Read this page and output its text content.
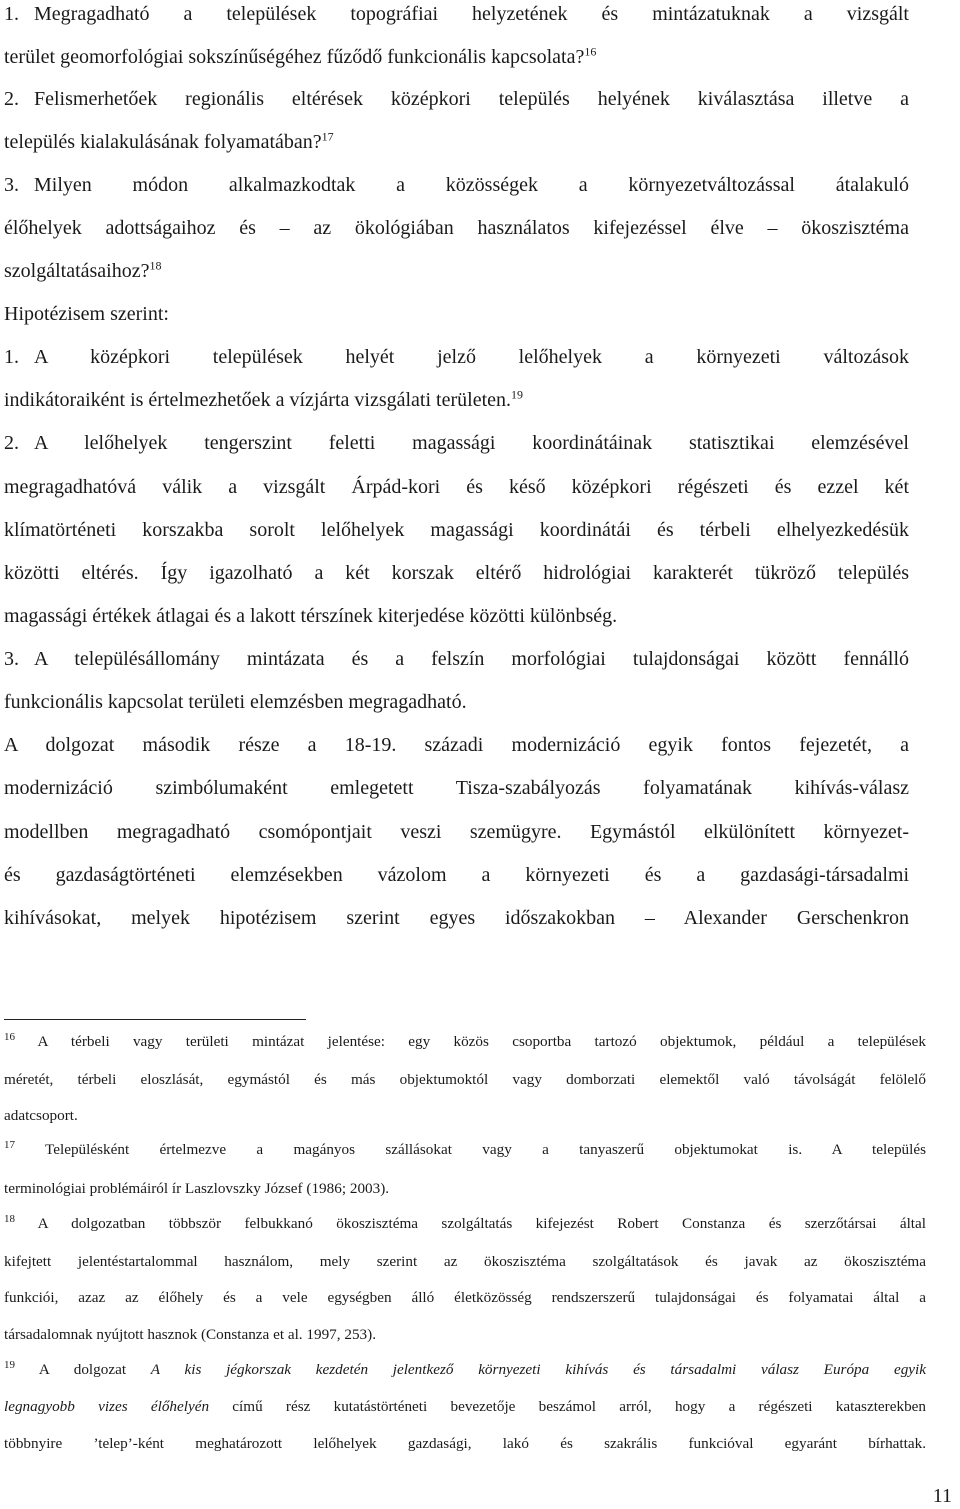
1. Megragadható a települések topográfiai helyzetének és mintázatuknak a vizsgált
terület geomorfológiai sokszínűségéhez fűződő funkcionális kapcsolata?$^{16}$
2. Felismerhetőek regionális eltérések középkori település helyének kiválasztása illetve a
település kialakulásának folyamatában?$^{17}$
3. Milyen módon alkalmazkodtak a közösségek a környezetváltozással átalakuló
élőhelyek adottságaihoz és – az ökológiában használatos kifejezéssel élve – ökoszisztéma
szolgáltatásaihoz?$^{18}$
Hipotézisem szerint:
1. A középkori települések helyét jelző lelőhelyek a környezeti változások
indikátoraiként is értelmezhetőek a vízjárta vizsgálati területen.$^{19}$
2. A lelőhelyek tengerszint feletti magassági koordinátáinak statisztikai elemzésével
megragadhatóvá válik a vizsgált Árpád-kori és késő középkori régészeti és ezzel két
klímatörténeti korszakba sorolt lelőhelyek magassági koordinátái és térbeli elhelyezkedésük
közötti eltérés. Így igazolható a két korszak eltérő hidrológiai karakterét tükröző település
magassági értékek átlagai és a lakott térszínek kiterjedése közötti különbség.
3. A településállomány mintázata és a felszín morfológiai tulajdonságai között fennálló
funkcionális kapcsolat területi elemzésben megragadható.
A dolgozat második része a 18-19. századi modernizáció egyik fontos fejezetét, a
modernizáció szimbólumaként emlegetett Tisza-szabályozás folyamatának kihívás-válasz
modellben megragadható csomópontjait veszi szemügyre. Egymástól elkülönített környezet-
és gazdaságtörténeti elemzésekben vázolom a környezeti és a gazdasági-társadalmi
kihívásokat, melyek hipotézisem szerint egyes időszakokban – Alexander Gerschenkron
$^{16}$ A térbeli vagy területi mintázat jelentése: egy közös csoportba tartozó objektumok, például a települések
méretét, térbeli eloszlását, egymástól és más objektumoktól vagy domborzati elemektől való távolságát felölelő
adatcsoport.
$^{17}$ Településként értelmezve a magányos szállásokat vagy a tanyaszerű objektumokat is. A település
terminológiai problémáiról ír Laszlovszky József (1986; 2003).
$^{18}$ A dolgozatban többször felbukkanó ökoszisztéma szolgáltatás kifejezést Robert Constanza és szerzőtársai által
kifejtett jelentéstartalommal használom, mely szerint az ökoszisztéma szolgáltatások és javak az ökoszisztéma
funkciói, azaz az élőhely és a vele egységben álló életközösség rendszerszerű tulajdonságai és folyamatai által a
társadalomnak nyújtott hasznok (Constanza et al. 1997, 253).
$^{19}$ A dolgozat A kis jégkorszak kezdetén jelentkező környezeti kihívás és társadalmi válasz Európa egyik
legnagyobb vizes élőhelyén című rész kutatástörténeti bevezetője beszámol arról, hogy a régészeti kataszterekben
többnyire ’telep’-ként meghatározott lelőhelyek gazdasági, lakó és szakrális funkcióval egyaránt bírhattak.
11
